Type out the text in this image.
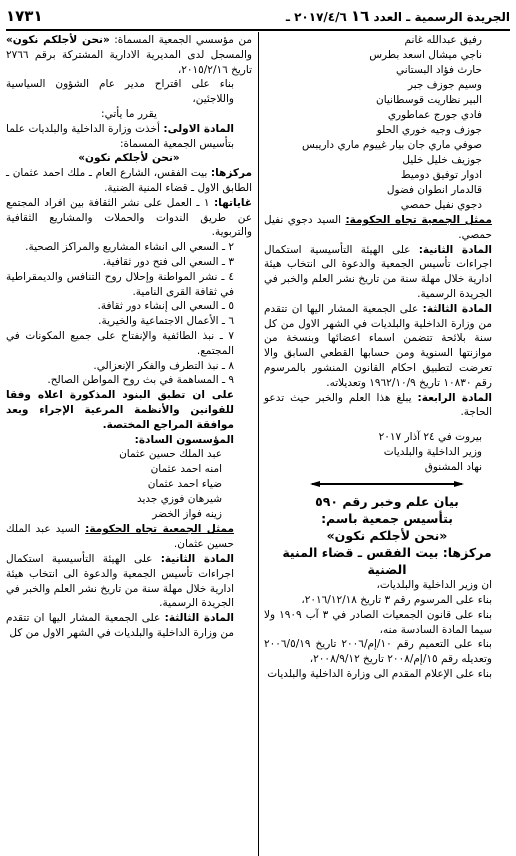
الجريدة الرسمية ـ العدد ١٦ ٢٠١٧/٤/٦ ـ
١٧٣١

رفيق عبدالله غانم

ناجي ميشال اسعد بطرس

حارث فؤاد البستاني

وسيم جوزف جبر

البير نظاريت قوسطانيان

فادي جورج عماطوري

جوزف وجيه خوري الحلو

صوفي ماري جان بيار غييوم ماري داريبس

جوزيف خليل خليل

ادوار توفيق دوميط

قالدمار انطوان فضول

دجوي نفيل حمصي

ممثل الجمعية تجاه الحكومة: السيد دجوي نفيل حمصي.

المادة الثانية: على الهيئة التأسيسية استكمال اجراءات تأسيس الجمعية والدعوة الى انتخاب هيئة ادارية خلال مهلة سنة من تاريخ نشر العلم والخبر في الجريدة الرسمية.

المادة الثالثة: على الجمعية المشار اليها ان تتقدم من وزارة الداخلية والبلديات في الشهر الاول من كل سنة بلائحة تتضمن اسماء اعضائها وبنسخة من موازنتها السنوية ومن حسابها القطعي السابق والا تعرضت لتطبيق احكام القانون المنشور بالمرسوم رقم ١٠٨٣٠ تاريخ ١٩٦٢/١٠/٩ وتعديلاته.

المادة الرابعة: يبلغ هذا العلم والخبر حيث تدعو الحاجة.

بيروت في ٢٤ آذار ٢٠١٧

وزير الداخلية والبلديات

نهاد المشنوق

بيان علم وخبر رقم ٥٩٠

بتأسيس جمعية باسم:

«نحن لأجلكم نكون»

مركزها: بيت الفقس ـ قضاء المنية الضنية

ان وزير الداخلية والبلديات،

بناء على المرسوم رقم ٣ تاريخ ٢٠١٦/١٢/١٨،

بناء على قانون الجمعيات الصادر في ٣ آب ١٩٠٩ ولا سيما المادة السادسة منه،

بناء على التعميم رقم ١٠/إم/٢٠٠٦ تاريخ ٢٠٠٦/٥/١٩ وتعديله رقم ١٥/إم/٢٠٠٨ تاريخ ٢٠٠٨/٩/١٢،

بناء على الإعلام المقدم الى وزارة الداخلية والبلديات

من مؤسسي الجمعية المسماة: «نحن لأجلكم نكون» والمسجل لدى المديرية الادارية المشتركة برقم ٢٧٦٦ تاريخ ٢٠١٥/٢/١٦،

بناء على اقتراح مدير عام الشؤون السياسية واللاجئين،

يقرر ما يأتي:

المادة الاولى: أخذت وزارة الداخلية والبلديات علما بتأسيس الجمعية المسماة:

«نحن لأجلكم نكون»

مركزها: بيت الفقس، الشارع العام ـ ملك احمد عثمان ـ الطابق الاول ـ قضاء المنية الضنية.

غاياتها: ١ ـ العمل على نشر الثقافة بين افراد المجتمع عن طريق الندوات والحملات والمشاريع الثقافية والتربوية.

٢ ـ السعي الى انشاء المشاريع والمراكز الصحية.

٣ ـ السعي الى فتح دور ثقافية.

٤ ـ نشر المواطنة وإحلال روح التنافس والديمقراطية في ثقافة القرى النامية.

٥ ـ السعي الى إنشاء دور ثقافة.

٦ ـ الأعمال الاجتماعية والخيرية.

٧ ـ نبذ الطائفية والإنفتاح على جميع المكونات في المجتمع.

٨ ـ نبذ التطرف والفكر الإنعزالي.

٩ ـ المساهمة في بث روح المواطن الصالح.

على ان تطبق البنود المذكورة اعلاه وفقا للقوانين والأنظمة المرعية الإجراء وبعد موافقة المراجع المختصة.

المؤسسون السادة:

عبد الملك حسين عثمان

امنه احمد عثمان

ضياء احمد عثمان

شيرهان فوزي جديد

زينه فواز الخضر

ممثل الجمعية تجاه الحكومة: السيد عبد الملك حسين عثمان.

المادة الثانية: على الهيئة التأسيسية استكمال اجراءات تأسيس الجمعية والدعوة الى انتخاب هيئة ادارية خلال مهلة سنة من تاريخ نشر العلم والخبر في الجريدة الرسمية.

المادة الثالثة: على الجمعية المشار اليها ان تتقدم من وزارة الداخلية والبلديات في الشهر الاول من كل
